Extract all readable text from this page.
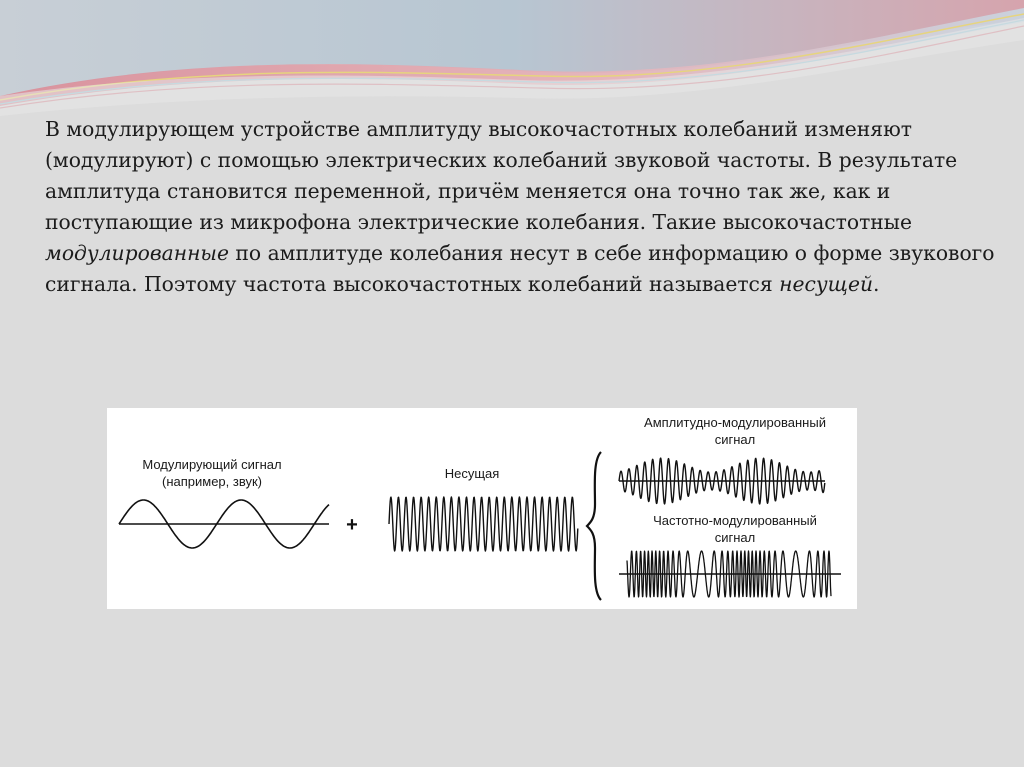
В модулирующем устройстве амплитуду высокочастотных колебаний изменяют (модулируют) с помощью электрических колебаний звуковой частоты. В результате амплитуда становится переменной, причём меняется она точно так же, как и поступающие из микрофона электрические колебания. Такие высокочастотные модулированные по амплитуде колебания несут в себе информацию о форме звукового сигнала. Поэтому частота высокочастотных колебаний называется несущей.

Модулирующий сигнал
(например, звук)
+
Несущая
Амплитудно-модулированный
сигнал
Частотно-модулированный
сигнал
